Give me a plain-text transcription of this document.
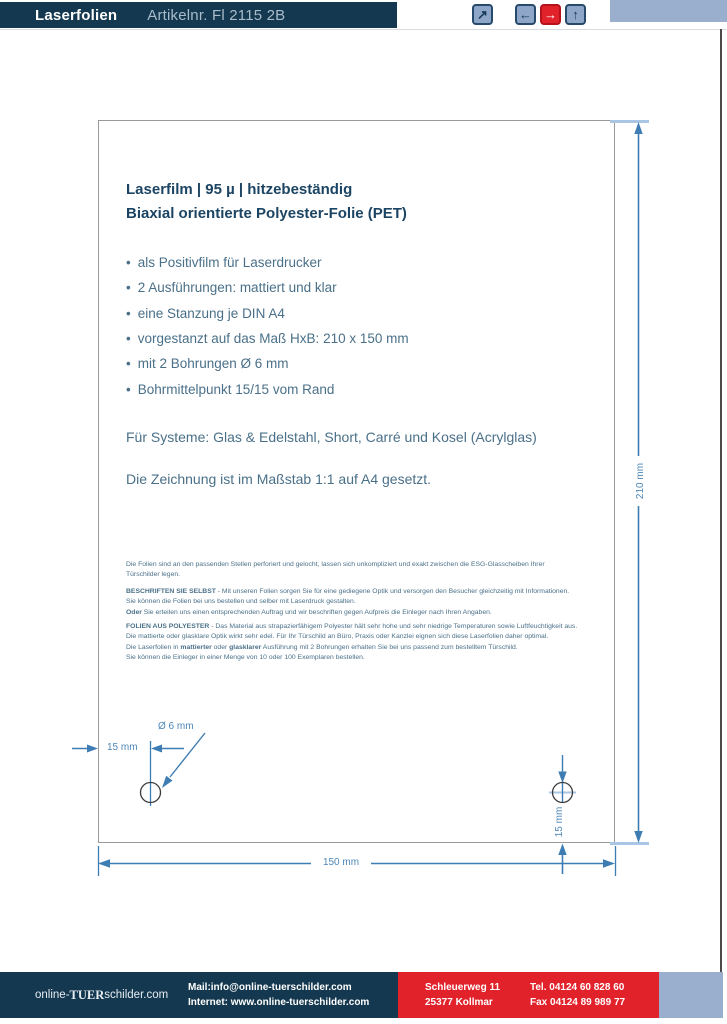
Laserfolien Artikelnr. Fl 2115 2B	↗ ← → ↑
Laserfilm | 95 µ | hitzebeständig
Biaxial orientierte Polyester-Folie (PET)
• als Positivfilm für Laserdrucker
• 2 Ausführungen: mattiert und klar
• eine Stanzung je DIN A4
• vorgestanzt auf das Maß HxB: 210 x 150 mm
• mit 2 Bohrungen Ø 6 mm
• Bohrmittelpunkt 15/15 vom Rand
Für Systeme: Glas & Edelstahl, Short, Carré und Kosel (Acrylglas)
Die Zeichnung ist im Maßstab 1:1 auf A4 gesetzt.
Die Folien sind an den passenden Stellen perforiert und gelocht, lassen sich unkompliziert und exakt zwischen die ESG-Glasscheiben Ihrer
Türschilder legen.
BESCHRIFTEN SIE SELBST - Mit unseren Folien sorgen Sie für eine gediegene Optik und versorgen den Besucher gleichzeitig mit Informationen.
Sie können die Folien bei uns bestellen und selber mit Laserdruck gestalten.
Oder Sie erteilen uns einen entsprechenden Auftrag und wir beschriften gegen Aufpreis die Einleger nach Ihren Angaben.
FOLIEN AUS POLYESTER - Das Material aus strapazierfähigem Polyester hält sehr hohe und sehr niedrige Temperaturen sowie Luftfeuchtigkeit aus.
Die mattierte oder glasklare Optik wirkt sehr edel. Für Ihr Türschild an Büro, Praxis oder Kanzlei eignen sich diese Laserfolien daher optimal.
Die Laserfolien in mattierter oder glasklarer Ausführung mit 2 Bohrungen erhalten Sie bei uns passend zum bestelltem Türschild.
Sie können die Einleger in einer Menge von 10 oder 100 Exemplaren bestellen.
Ø 6 mm
15 mm
150 mm
210 mm
15 mm
online- TUER schilder.com
Mail:info@online-tuerschilder.com
Internet: www.online-tuerschilder.com
Schleuerweg 11
25377 Kollmar
Tel. 04124 60 828 60
Fax 04124 89 989 77
